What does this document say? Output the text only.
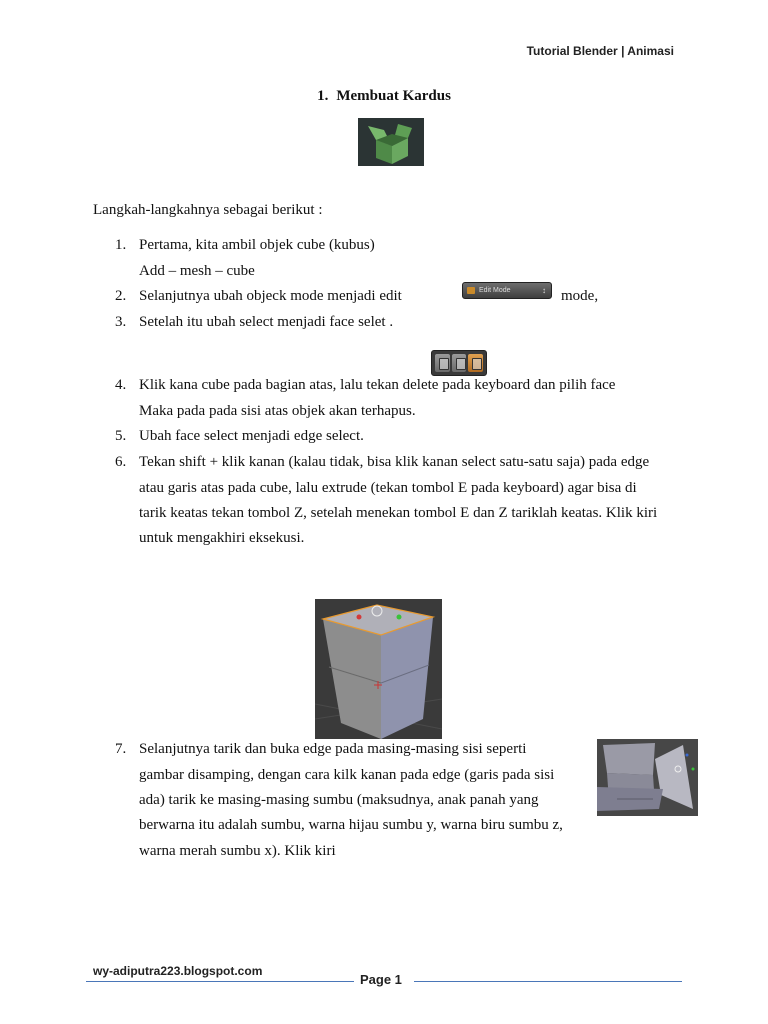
Tutorial Blender | Animasi
1. Membuat Kardus
Langkah-langkahnya sebagai berikut :
1. Pertama, kita ambil objek cube (kubus)
Add – mesh – cube
2. Selanjutnya ubah objeck mode menjadi edit	Edit Mode	↕ mode,
3. Setelah itu ubah select menjadi face selet .
4. Klik kana cube pada bagian atas, lalu tekan delete pada keyboard dan pilih face
Maka pada pada sisi atas objek akan terhapus.
5. Ubah face select menjadi edge select.
6. Tekan shift + klik kanan (kalau tidak, bisa klik kanan select satu-satu saja) pada edge
atau garis atas pada cube, lalu extrude (tekan tombol E pada keyboard) agar bisa di
tarik keatas tekan tombol Z, setelah menekan tombol E dan Z tariklah keatas. Klik kiri
untuk mengakhiri eksekusi.
7. Selanjutnya tarik dan buka edge pada masing-masing sisi seperti
gambar disamping, dengan cara kilk kanan pada edge (garis pada sisi
ada) tarik ke masing-masing sumbu (maksudnya, anak panah yang
berwarna itu adalah sumbu, warna hijau sumbu y, warna biru sumbu z,
warna merah sumbu x). Klik kiri
wy-adiputra223.blogspot.com
Page 1
